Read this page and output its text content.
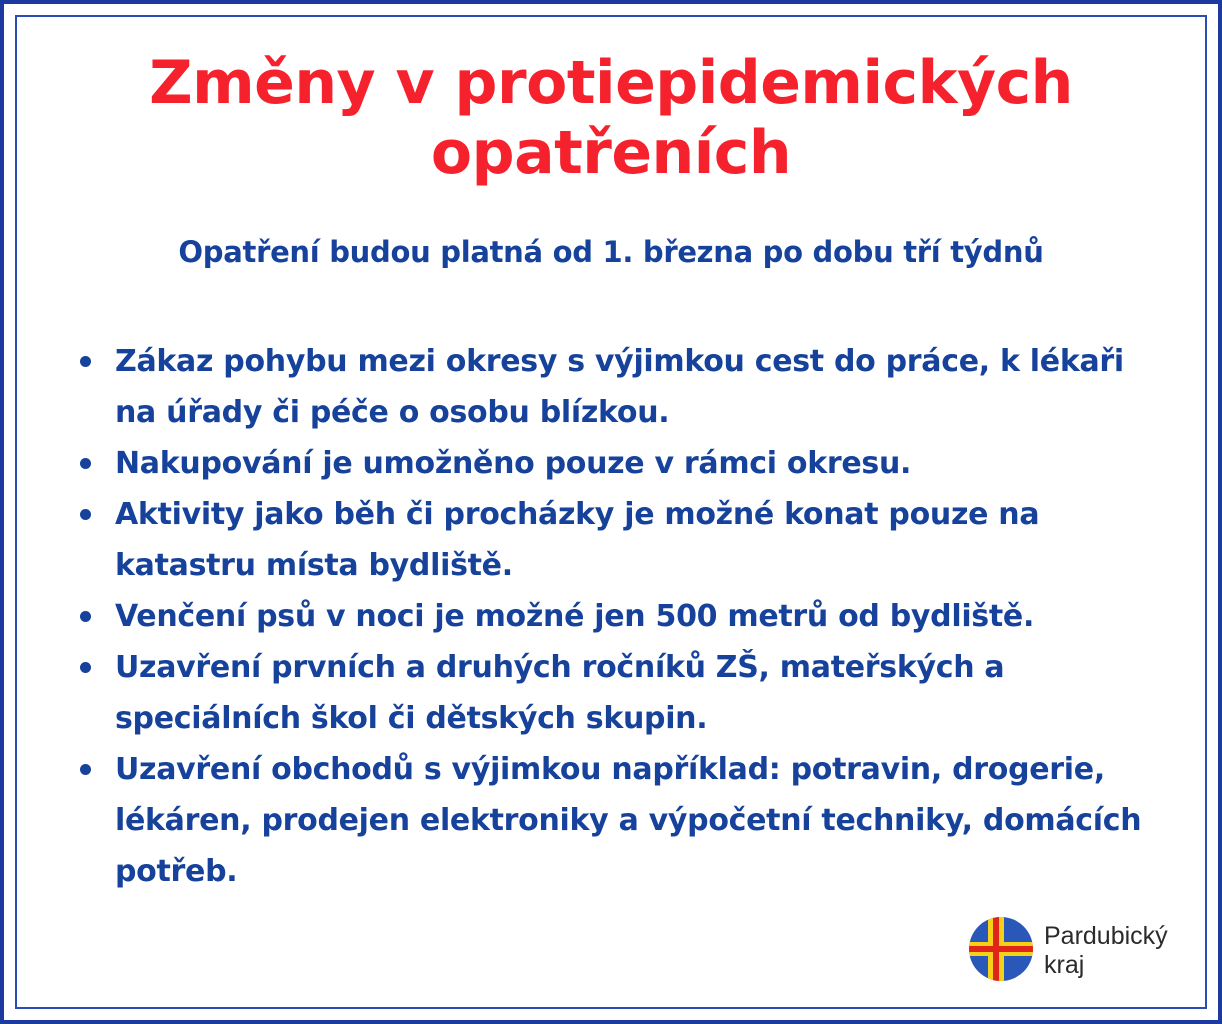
Změny v protiepidemických
opatřeních

Opatření budou platná od 1. března po dobu tří týdnů

Zákaz pohybu mezi okresy s výjimkou cest do práce, k lékaři na úřady či péče o osobu blízkou.
Nakupování je umožněno pouze v rámci okresu.
Aktivity jako běh či procházky je možné konat pouze na katastru místa bydliště.
Venčení psů v noci je možné jen 500 metrů od bydliště.
Uzavření prvních a druhých ročníků ZŠ, mateřských a speciálních škol či dětských skupin.
Uzavření obchodů s výjimkou například: potravin, drogerie, lékáren, prodejen elektroniky a výpočetní techniky, domácích potřeb.
Pardubický
kraj
